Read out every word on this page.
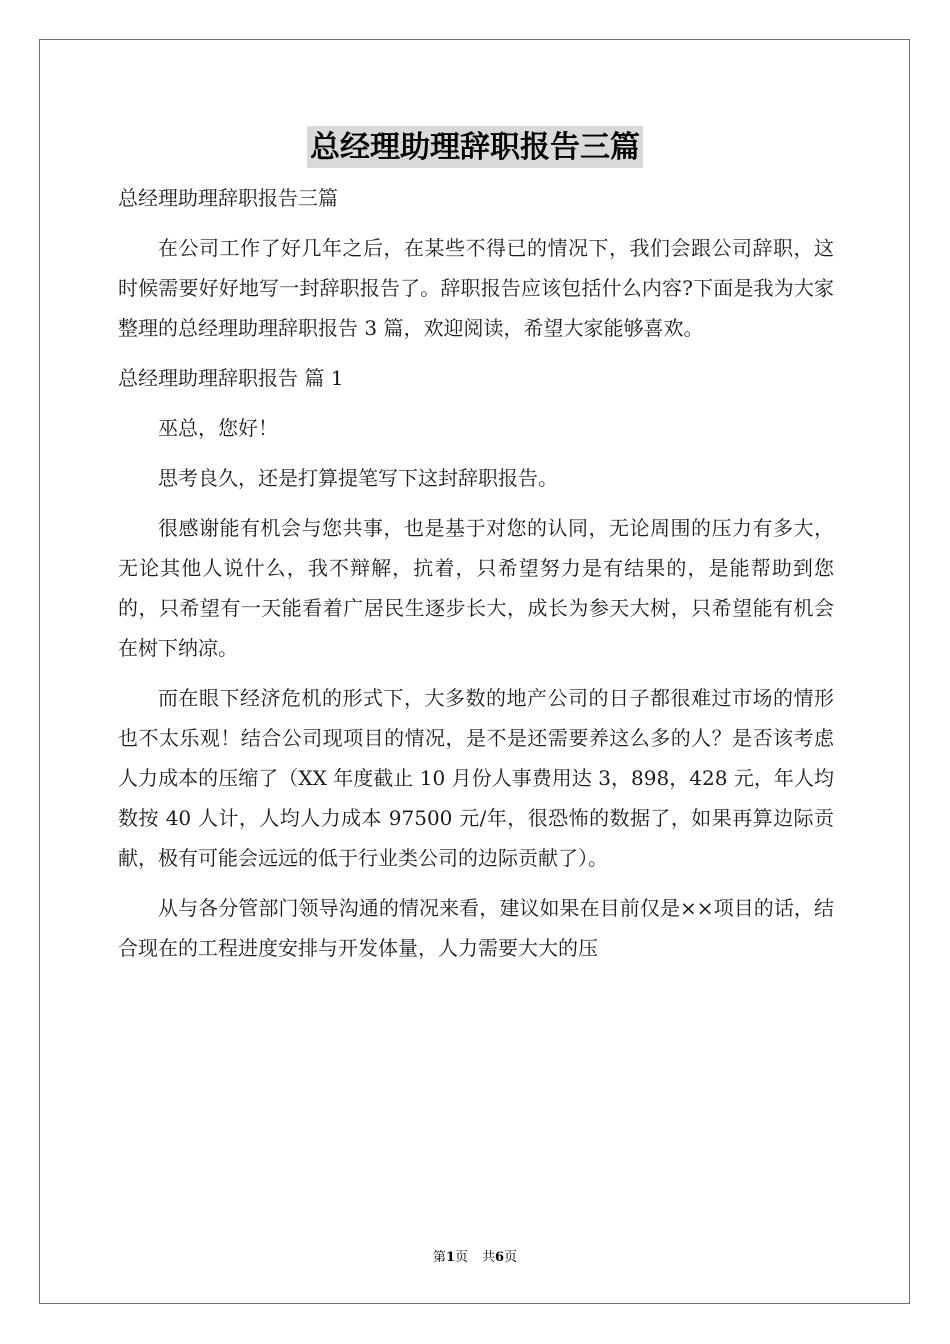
总经理助理辞职报告三篇

总经理助理辞职报告三篇

在公司工作了好几年之后，在某些不得已的情况下，我们会跟公司辞职，这时候需要好好地写一封辞职报告了。辞职报告应该包括什么内容?下面是我为大家整理的总经理助理辞职报告 3 篇，欢迎阅读，希望大家能够喜欢。

总经理助理辞职报告 篇 1

巫总，您好！

思考良久，还是打算提笔写下这封辞职报告。

很感谢能有机会与您共事，也是基于对您的认同，无论周围的压力有多大，无论其他人说什么，我不辩解，抗着，只希望努力是有结果的，是能帮助到您的，只希望有一天能看着广居民生逐步长大，成长为参天大树，只希望能有机会在树下纳凉。

而在眼下经济危机的形式下，大多数的地产公司的日子都很难过市场的情形也不太乐观！结合公司现项目的情况，是不是还需要养这么多的人？是否该考虑人力成本的压缩了（XX 年度截止 10 月份人事费用达 3，898，428 元，年人均数按 40 人计，人均人力成本 97500 元/年，很恐怖的数据了，如果再算边际贡献，极有可能会远远的低于行业类公司的边际贡献了）。

从与各分管部门领导沟通的情况来看，建议如果在目前仅是××项目的话，结合现在的工程进度安排与开发体量，人力需要大大的压

第1页 共6页
